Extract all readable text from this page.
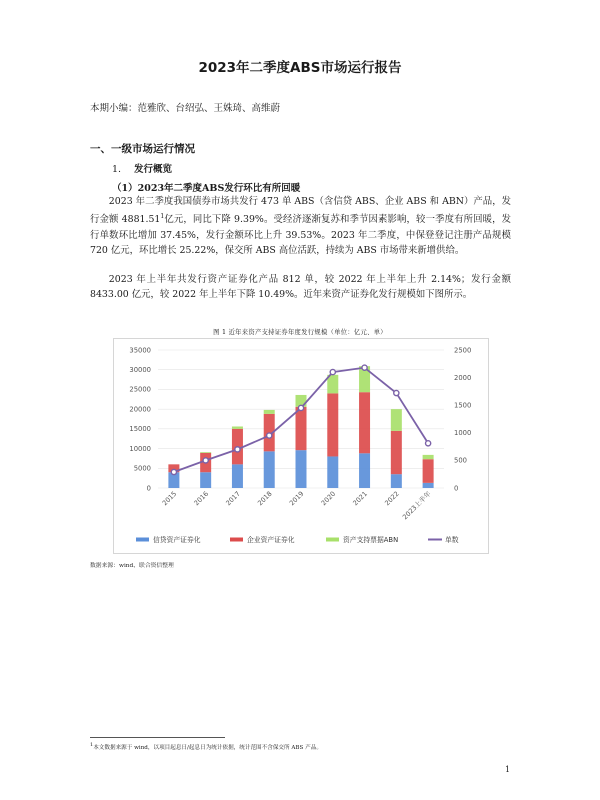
2023年二季度ABS市场运行报告
本期小编：范雅欣、台绍弘、王姝琦、高维蔚
一、一级市场运行情况
1. 发行概览
（1）2023年二季度ABS发行环比有所回暖
2023 年二季度我国债券市场共发行 473 单 ABS（含信贷 ABS、企业 ABS 和 ABN）产品，发行金额 4881.51$^1$亿元，同比下降 9.39%。受经济逐渐复苏和季节因素影响，较一季度有所回暖，发行单数环比增加 37.45%，发行金额环比上升 39.53%。2023 年二季度，中保登登记注册产品规模 720 亿元，环比增长 25.22%，保交所 ABS 高位活跃，持续为 ABS 市场带来新增供给。
2023 年上半年共发行资产证券化产品 812 单，较 2022 年上半年上升 2.14%；发行金额 8433.00 亿元，较 2022 年上半年下降 10.49%。近年来资产证券化发行规模如下图所示。
图 1 近年来资产支持证券年度发行规模（单位：亿元、单）
0
5000
10000
15000
20000
25000
30000
35000
0
500
1000
1500
2000
2500
2015 2016 2017 2018 2019 2020 2021 2022 2023上半年
信贷资产证券化	企业资产证券化	资产支持票据ABN	单数
数据来源：wind、联合资信整理
$^1$本文数据来源于 wind，以项目起息日/起息日为统计依据，统计范围不含保交所 ABS 产品。
1
